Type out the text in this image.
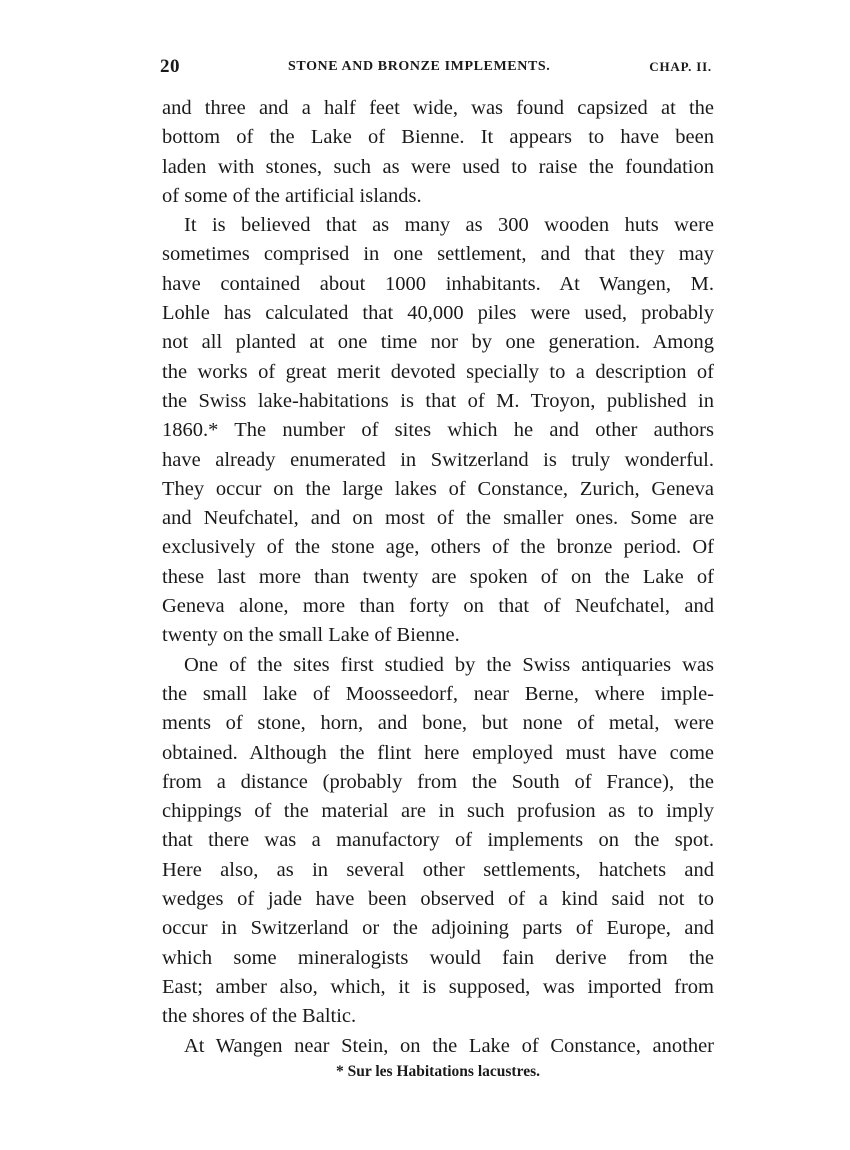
20	STONE AND BRONZE IMPLEMENTS.	CHAP. II.
and three and a half feet wide, was found capsized at the
bottom of the Lake of Bienne. It appears to have been
laden with stones, such as were used to raise the foundation
of some of the artificial islands.
It is believed that as many as 300 wooden huts were
sometimes comprised in one settlement, and that they may
have contained about 1000 inhabitants. At Wangen, M.
Lohle has calculated that 40,000 piles were used, probably
not all planted at one time nor by one generation. Among
the works of great merit devoted specially to a description of
the Swiss lake-habitations is that of M. Troyon, published in
1860.* The number of sites which he and other authors
have already enumerated in Switzerland is truly wonderful.
They occur on the large lakes of Constance, Zurich, Geneva
and Neufchatel, and on most of the smaller ones. Some are
exclusively of the stone age, others of the bronze period. Of
these last more than twenty are spoken of on the Lake of
Geneva alone, more than forty on that of Neufchatel, and
twenty on the small Lake of Bienne.
One of the sites first studied by the Swiss antiquaries was
the small lake of Moosseedorf, near Berne, where imple-
ments of stone, horn, and bone, but none of metal, were
obtained. Although the flint here employed must have come
from a distance (probably from the South of France), the
chippings of the material are in such profusion as to imply
that there was a manufactory of implements on the spot.
Here also, as in several other settlements, hatchets and
wedges of jade have been observed of a kind said not to
occur in Switzerland or the adjoining parts of Europe, and
which some mineralogists would fain derive from the
East; amber also, which, it is supposed, was imported from
the shores of the Baltic.
At Wangen near Stein, on the Lake of Constance, another
* Sur les Habitations lacustres.
